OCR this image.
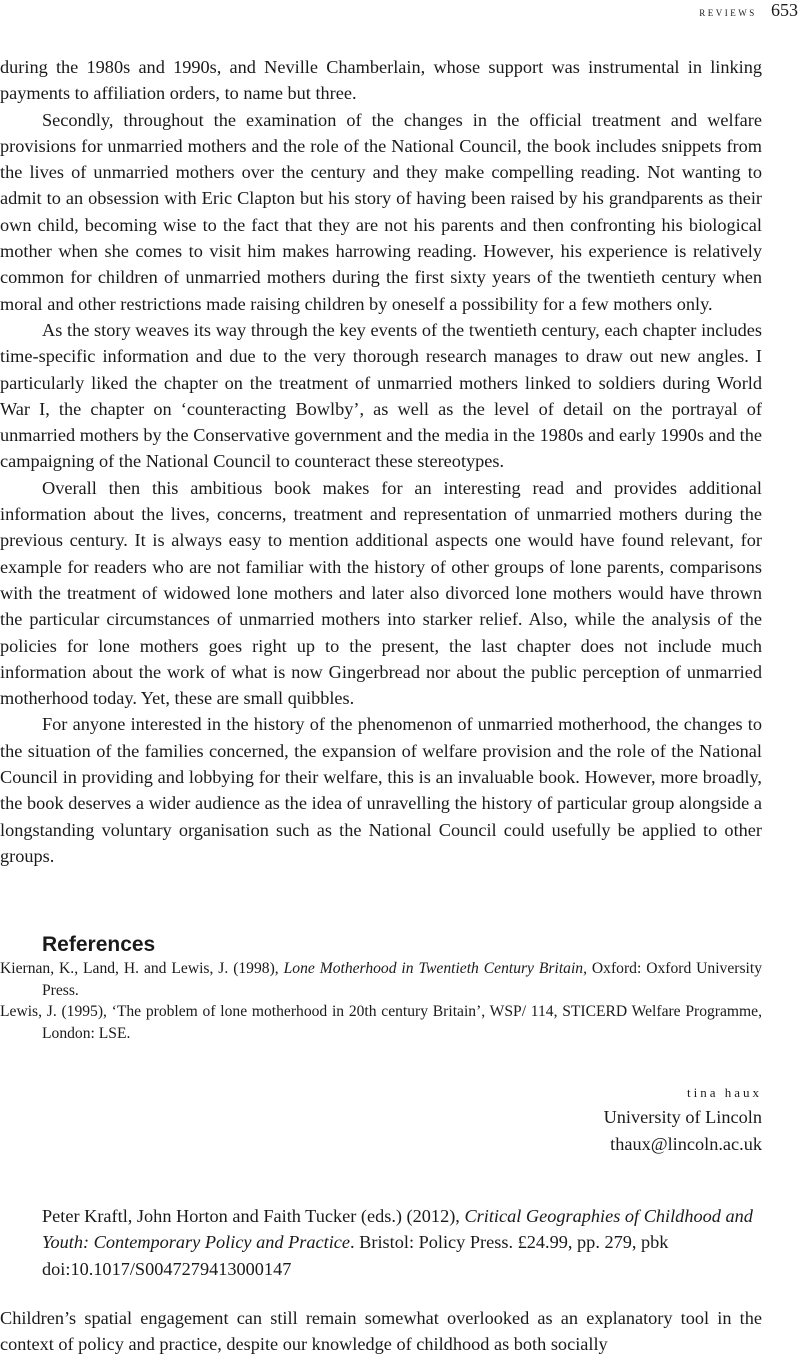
reviews 653

during the 1980s and 1990s, and Neville Chamberlain, whose support was instrumental in linking payments to affiliation orders, to name but three.

Secondly, throughout the examination of the changes in the official treatment and welfare provisions for unmarried mothers and the role of the National Council, the book includes snippets from the lives of unmarried mothers over the century and they make compelling reading. Not wanting to admit to an obsession with Eric Clapton but his story of having been raised by his grandparents as their own child, becoming wise to the fact that they are not his parents and then confronting his biological mother when she comes to visit him makes harrowing reading. However, his experience is relatively common for children of unmarried mothers during the first sixty years of the twentieth century when moral and other restrictions made raising children by oneself a possibility for a few mothers only.

As the story weaves its way through the key events of the twentieth century, each chapter includes time-specific information and due to the very thorough research manages to draw out new angles. I particularly liked the chapter on the treatment of unmarried mothers linked to soldiers during World War I, the chapter on ‘counteracting Bowlby’, as well as the level of detail on the portrayal of unmarried mothers by the Conservative government and the media in the 1980s and early 1990s and the campaigning of the National Council to counteract these stereotypes.

Overall then this ambitious book makes for an interesting read and provides additional information about the lives, concerns, treatment and representation of unmarried mothers during the previous century. It is always easy to mention additional aspects one would have found relevant, for example for readers who are not familiar with the history of other groups of lone parents, comparisons with the treatment of widowed lone mothers and later also divorced lone mothers would have thrown the particular circumstances of unmarried mothers into starker relief. Also, while the analysis of the policies for lone mothers goes right up to the present, the last chapter does not include much information about the work of what is now Gingerbread nor about the public perception of unmarried motherhood today. Yet, these are small quibbles.

For anyone interested in the history of the phenomenon of unmarried motherhood, the changes to the situation of the families concerned, the expansion of welfare provision and the role of the National Council in providing and lobbying for their welfare, this is an invaluable book. However, more broadly, the book deserves a wider audience as the idea of unravelling the history of particular group alongside a longstanding voluntary organisation such as the National Council could usefully be applied to other groups.

References

Kiernan, K., Land, H. and Lewis, J. (1998), Lone Motherhood in Twentieth Century Britain, Oxford: Oxford University Press.

Lewis, J. (1995), ‘The problem of lone motherhood in 20th century Britain’, WSP/ 114, STICERD Welfare Programme, London: LSE.

tina haux
University of Lincoln
thaux@lincoln.ac.uk
Peter Kraftl, John Horton and Faith Tucker (eds.) (2012), Critical Geographies of Childhood and Youth: Contemporary Policy and Practice. Bristol: Policy Press. £24.99, pp. 279, pbk
doi:10.1017/S0047279413000147

Children’s spatial engagement can still remain somewhat overlooked as an explanatory tool in the context of policy and practice, despite our knowledge of childhood as both socially
